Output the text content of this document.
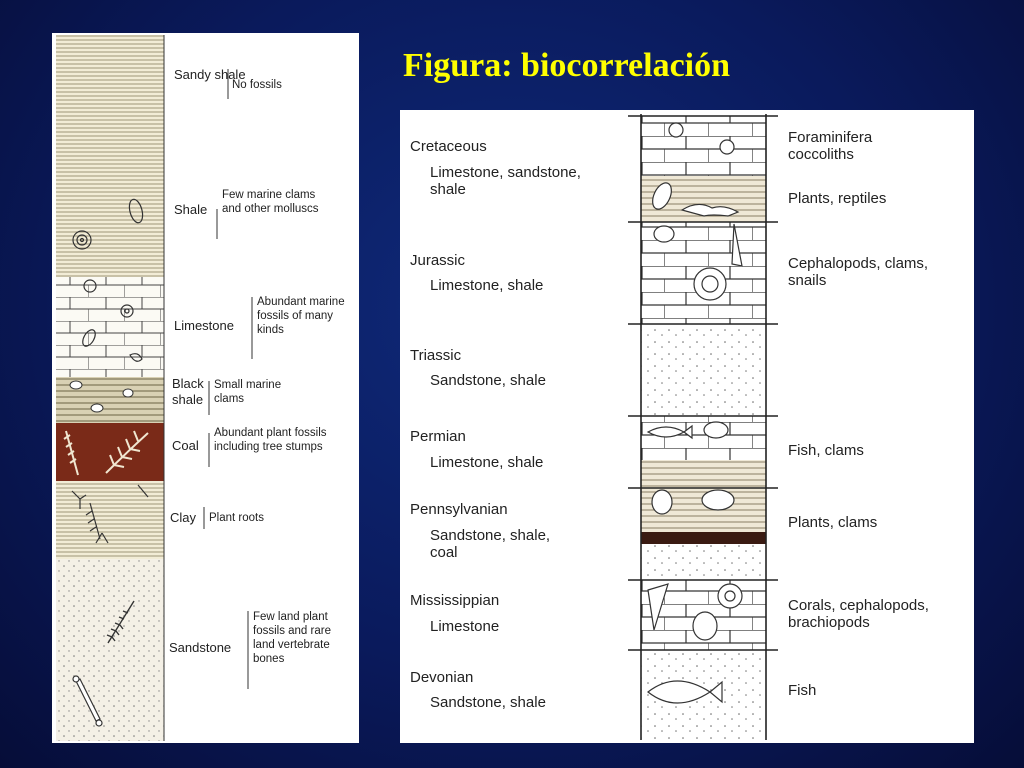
Figura: biocorrelación
Sandy shale
No fossils
Shale
Few marine clams and other molluscs
Limestone
Abundant marine fossils of many kinds
Black shale
Small marine clams
Coal
Abundant plant fossils including tree stumps
Clay Plant roots
Sandstone
Few land plant fossils and rare land vertebrate bones
Cretaceous
Limestone, sandstone, shale
Jurassic
Limestone, shale
Triassic
Sandstone, shale
Permian
Limestone, shale
Pennsylvanian
Sandstone, shale, coal
Mississippian
Limestone
Devonian
Sandstone, shale
Foraminifera coccoliths
Plants, reptiles
Cephalopods, clams, snails
Fish, clams
Plants, clams
Corals, cephalopods, brachiopods
Fish
